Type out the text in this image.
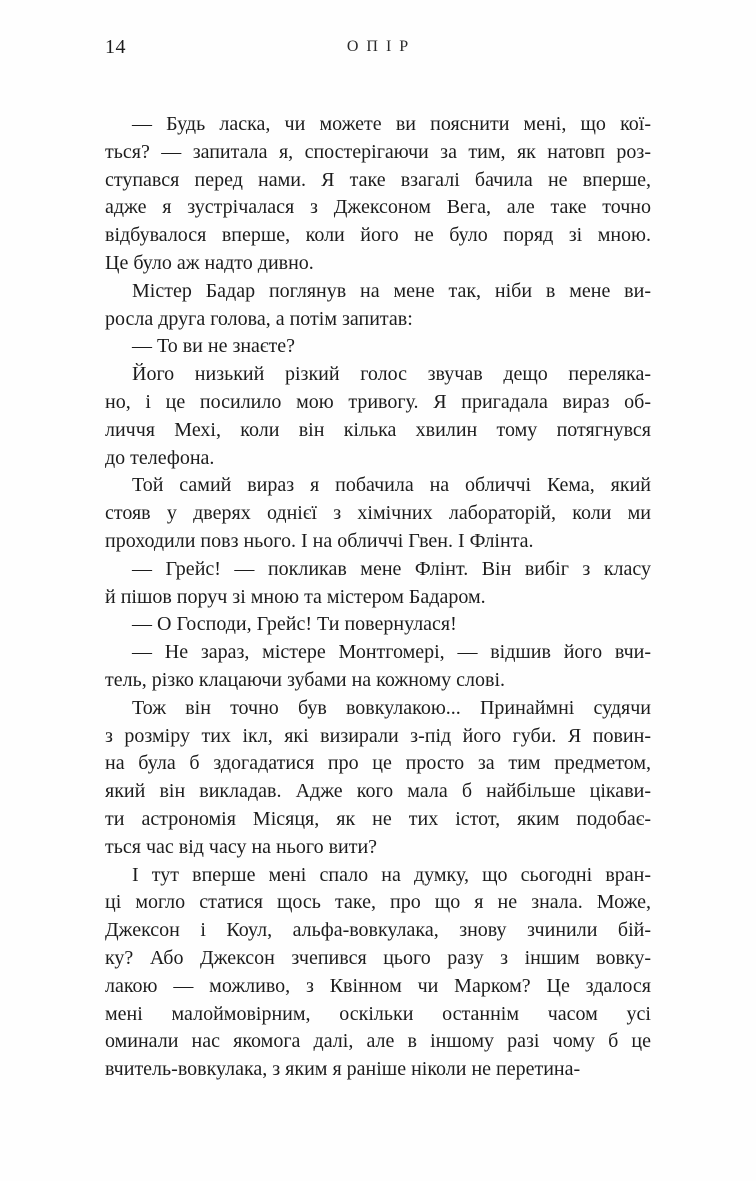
14	ОПІР
— Будь ласка, чи можете ви пояснити мені, що кої-
ться? — запитала я, спостерігаючи за тим, як натовп роз-
ступався перед нами. Я таке взагалі бачила не вперше,
адже я зустрічалася з Джексоном Вега, але таке точно
відбувалося вперше, коли його не було поряд зі мною.
Це було аж надто дивно.
Містер Бадар поглянув на мене так, ніби в мене ви-
росла друга голова, а потім запитав:
— То ви не знаєте?
Його низький різкий голос звучав дещо переляка-
но, і це посилило мою тривогу. Я пригадала вираз об-
личчя Мехі, коли він кілька хвилин тому потягнувся
до телефона.
Той самий вираз я побачила на обличчі Кема, який
стояв у дверях однієї з хімічних лабораторій, коли ми
проходили повз нього. І на обличчі Гвен. І Флінта.
— Грейс! — покликав мене Флінт. Він вибіг з класу
й пішов поруч зі мною та містером Бадаром.
— О Господи, Грейс! Ти повернулася!
— Не зараз, містере Монтгомері, — відшив його вчи-
тель, різко клацаючи зубами на кожному слові.
Тож він точно був вовкулакою... Принаймні судячи
з розміру тих ікл, які визирали з-під його губи. Я повин-
на була б здогадатися про це просто за тим предметом,
який він викладав. Адже кого мала б найбільше цікави-
ти астрономія Місяця, як не тих істот, яким подобає-
ться час від часу на нього вити?
І тут вперше мені спало на думку, що сьогодні вран-
ці могло статися щось таке, про що я не знала. Може,
Джексон і Коул, альфа-вовкулака, знову зчинили бій-
ку? Або Джексон зчепився цього разу з іншим вовку-
лакою — можливо, з Квінном чи Марком? Це здалося
мені малоймовірним, оскільки останнім часом усі
оминали нас якомога далі, але в іншому разі чому б це
вчитель-вовкулака, з яким я раніше ніколи не перетина-
